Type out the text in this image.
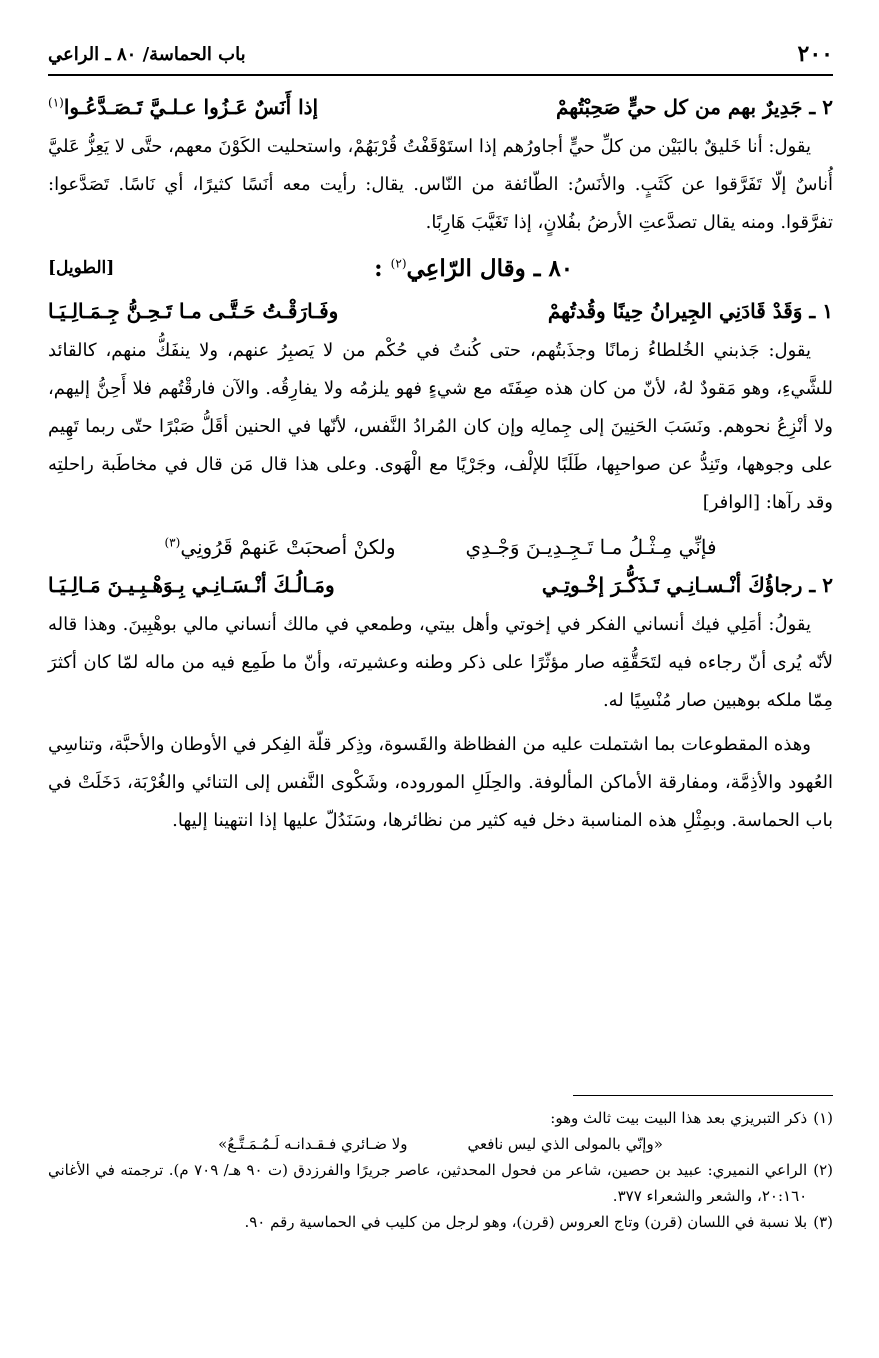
٢٠٠
باب الحماسة/ ٨٠ ـ الراعي
٢ ـ جَدِيرٌ بهم من كل حيٍّ صَحِبْتُهمْ
إذا أَنَسٌ عَـزُوا عـلـيَّ تَـصَـدَّعُـوا$^{(١)}$

يقول: أنا خَليقٌ بالبَيْن من كلِّ حيٍّ أجاورُهم إذا استَوْقَفْتُ قُرْبَهُمْ، واستحليت الكَوْنَ معهم، حتَّى لا يَعِزُّ عَليَّ أُناسٌ إلّا تَفَرَّقوا عن كَثَبٍ. والأنَسُ: الطّائفة من النّاس. يقال: رأيت معه أنَسًا كثيرًا، أي نَاسًا. تَصَدَّعوا: تفرَّقوا. ومنه يقال تصدَّعتِ الأرضُ بفُلانٍ، إذا تَغَيَّبَ هَارِبًا.

٨٠ ـ وقال الرّاعِي$^{(٢)}$ :
[الطويل]
١ ـ وَقَدْ قَادَنِي الجِيرانُ حِينًا وقُدتُهمْ
وفَـارَقْـتُ حَـتَّـى مـا تَـحِـنُّ جِـمَـالِـيَـا

يقول: جَذبني الخُلطاءُ زمانًا وجذَبتُهم، حتى كُنتُ في حُكْم من لا يَصبِرُ عنهم، ولا ينفَكُّ منهم، كالقائد للشَّيءِ، وهو مَقودٌ لهُ، لأنّ من كان هذه صِفَتَه مع شيءٍ فهو يلزمُه ولا يفارِقُه. والآن فارقْتُهم فلا أَحِنُّ إليهم، ولا أنْزِعُ نحوهم. ونَسَبَ الحَنِينَ إلى جِمالِه وإن كان المُرادُ النَّفس، لأنّها في الحنين أقَلُّ صَبْرًا حتّى ربما تَهِيم على وجوهها، وتَنِدُّ عن صواحبِها، طَلَبًا للإلْف، وجَرْيًا مع الْهَوى. وعلى هذا قال مَن قال في مخاطَبة راحلتِه وقد رآها: [الوافر]

فإنِّي مِـثْـلُ مـا تَـجِـدِيـنَ وَجْـدِي
ولكنْ أصحبَتْ عَنهمْ قَرُونِي$^{(٣)}$
٢ ـ رجاؤُكَ أنْـسـانِـي تَـذَكُّـرَ إخْـوتِـي
ومَـالُـكَ أنْـسَـانِـي بِـوَهْـبِـيـنَ مَـالِـيَـا

يقولُ: أمَلِي فيك أنساني الفكر في إخوتي وأهل بيتي، وطمعي في مالك أنساني مالي بوهْبِينَ. وهذا قاله لأنّه يُرى أنّ رجاءه فيه لتَحَقُّقِه صار مؤثّرًا على ذكر وطنه وعشيرته، وأنّ ما طَمِع فيه من ماله لمّا كان أكثرَ مِمّا ملكه بوهبين صار مُنْسِيًا له.

وهذه المقطوعات بما اشتملت عليه من الفظاظة والقَسوة، وذِكر قلّة الفِكر في الأوطان والأحبَّة، وتناسِي العُهود والأذِمَّة، ومفارقة الأماكن المألوفة. والحِلَلِ الموروده، وشَكْوى النَّفس إلى التنائي والغُرْبَة، دَخَلَتْ في باب الحماسة. وبمِثْلِ هذه المناسبة دخل فيه كثير من نظائرها، وسَنَدُلّ عليها إذا انتهينا إليها.

(١)
ذكر التبريزي بعد هذا البيت بيت ثالث وهو:
«وإنّي بالمولى الذي ليس نافعي
ولا ضـائري فـقـدانـه لَـمُـمَـتَّـعُ»
(٢)
الراعي النميري: عبيد بن حصين، شاعر من فحول المحدثين، عاصر جريرًا والفرزدق (ت ٩٠ هـ/ ٧٠٩ م). ترجمته في الأغاني ٢٠:١٦٠، والشعر والشعراء ٣٧٧.
(٣)
بلا نسبة في اللسان (قرن) وتاج العروس (قرن)، وهو لرجل من كليب في الحماسية رقم ٩٠.
